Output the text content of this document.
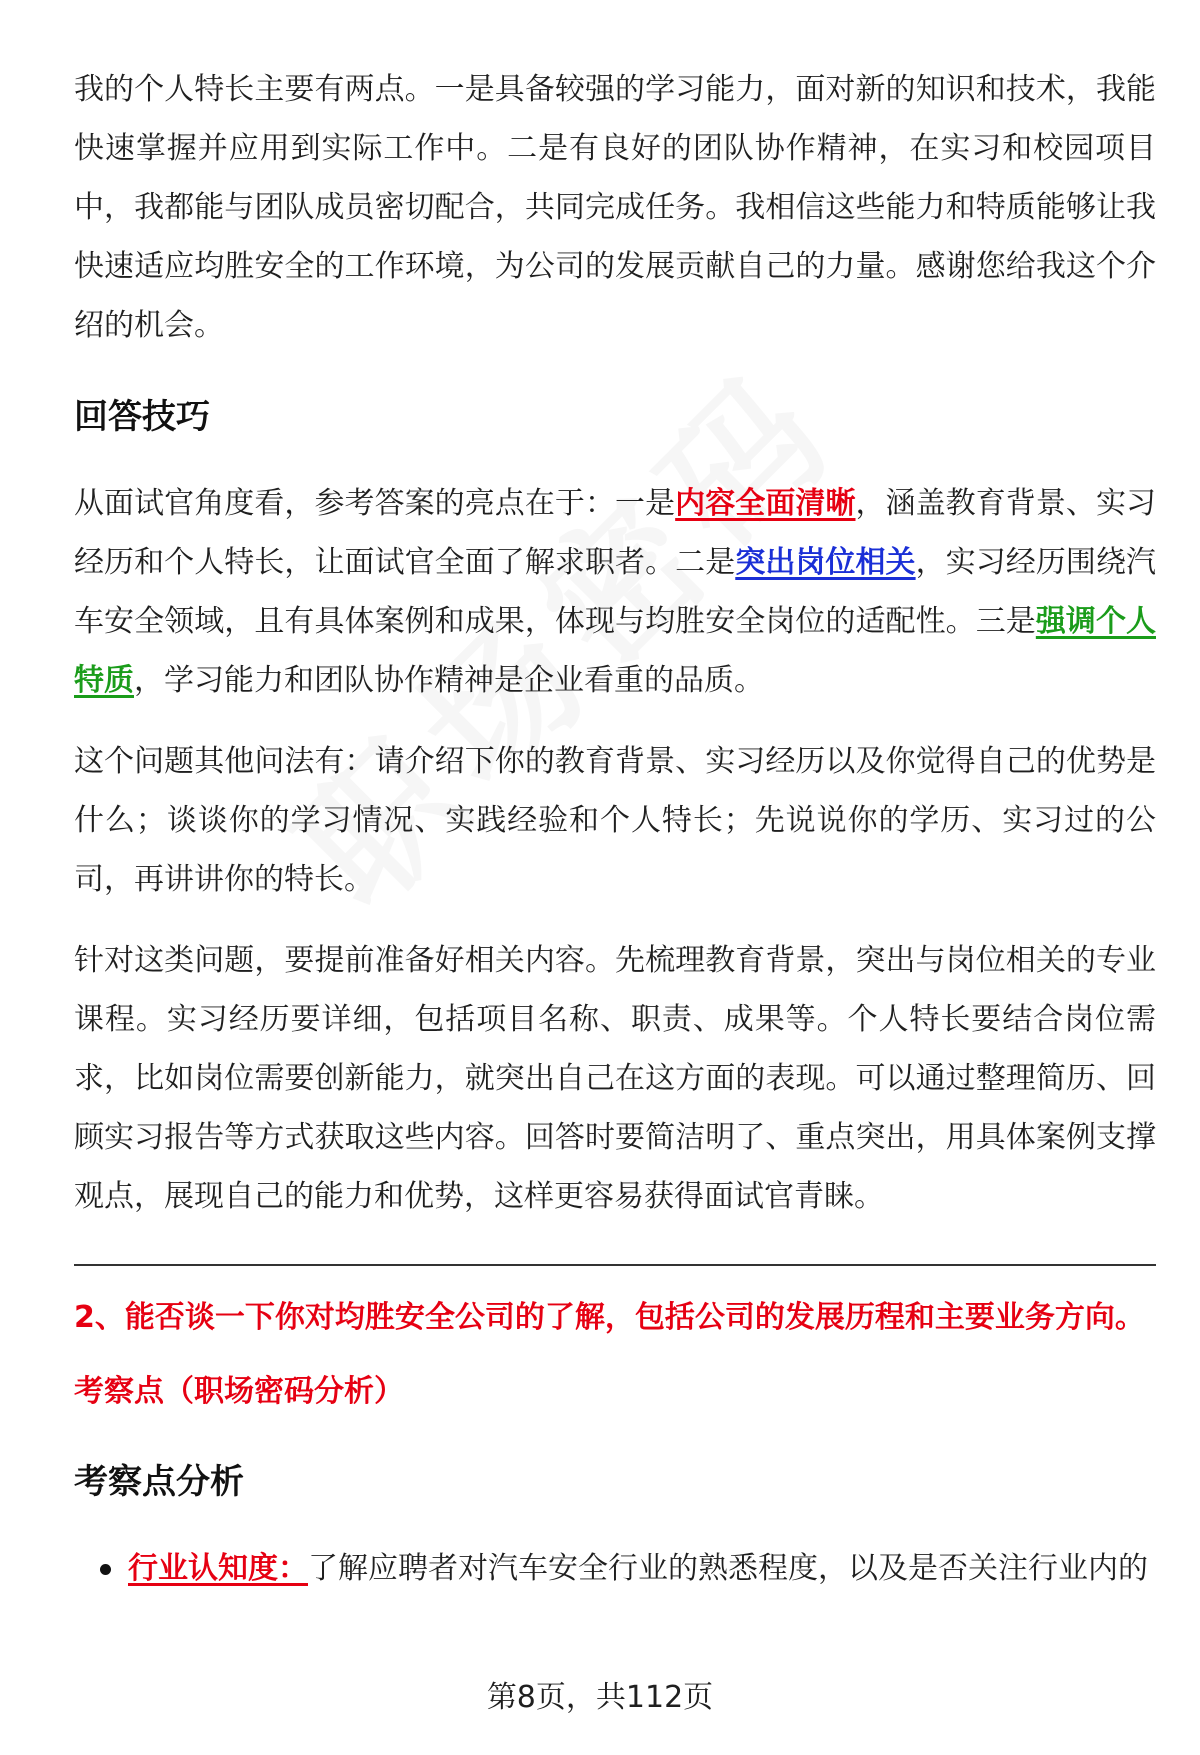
我的个人特长主要有两点。一是具备较强的学习能力，面对新的知识和技术，我能快速掌握并应用到实际工作中。二是有良好的团队协作精神，在实习和校园项目中，我都能与团队成员密切配合，共同完成任务。我相信这些能力和特质能够让我快速适应均胜安全的工作环境，为公司的发展贡献自己的力量。感谢您给我这个介绍的机会。

回答技巧

从面试官角度看，参考答案的亮点在于：一是内容全面清晰，涵盖教育背景、实习经历和个人特长，让面试官全面了解求职者。二是突出岗位相关，实习经历围绕汽车安全领域，且有具体案例和成果，体现与均胜安全岗位的适配性。三是强调个人特质，学习能力和团队协作精神是企业看重的品质。

这个问题其他问法有：请介绍下你的教育背景、实习经历以及你觉得自己的优势是什么；谈谈你的学习情况、实践经验和个人特长；先说说你的学历、实习过的公司，再讲讲你的特长。

针对这类问题，要提前准备好相关内容。先梳理教育背景，突出与岗位相关的专业课程。实习经历要详细，包括项目名称、职责、成果等。个人特长要结合岗位需求，比如岗位需要创新能力，就突出自己在这方面的表现。可以通过整理简历、回顾实习报告等方式获取这些内容。回答时要简洁明了、重点突出，用具体案例支撑观点，展现自己的能力和优势，这样更容易获得面试官青睐。

2、能否谈一下你对均胜安全公司的了解，包括公司的发展历程和主要业务方向。
考察点（职场密码分析）
考察点分析
行业认知度：了解应聘者对汽车安全行业的熟悉程度，以及是否关注行业内的
第8页，共112页
